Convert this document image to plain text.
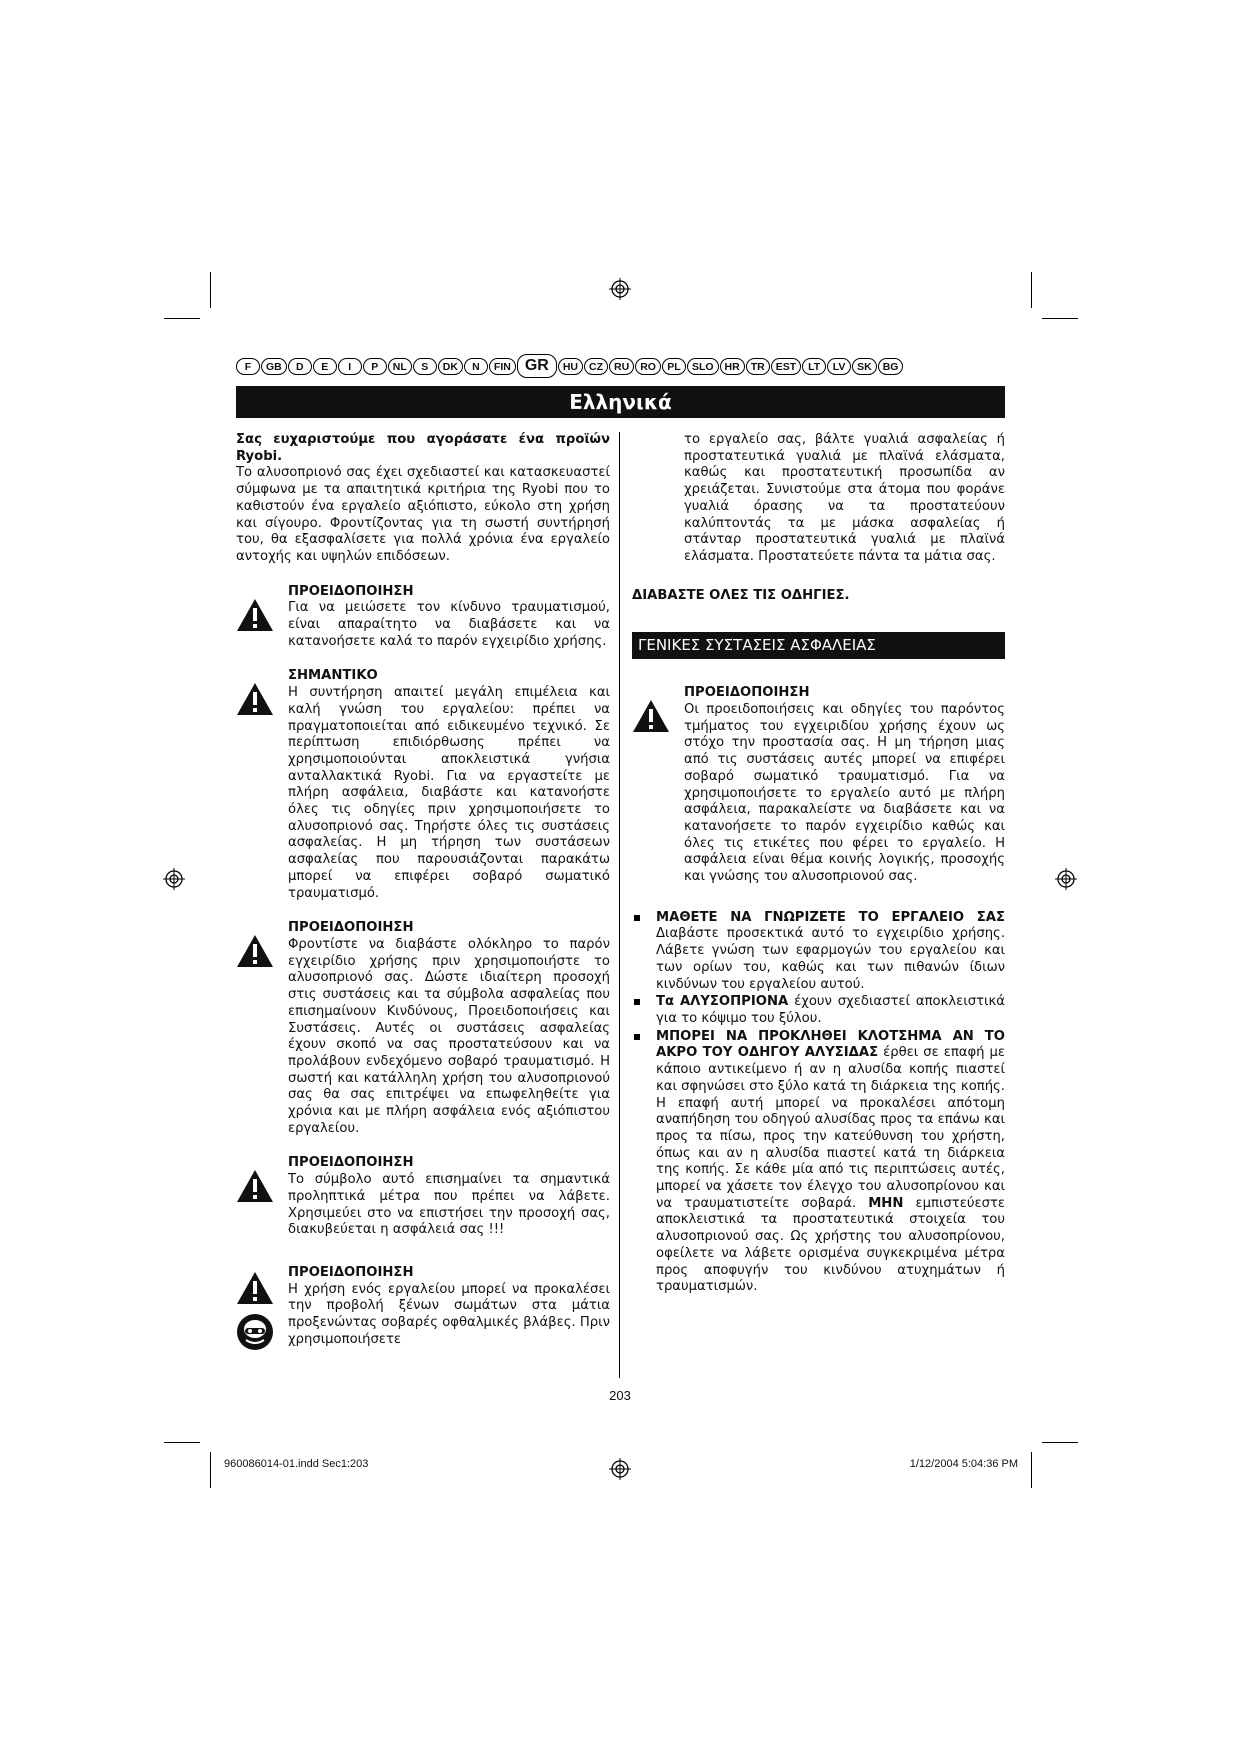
F	GB	D	E	I	P	NL	S	DK	N	FIN GR	HU	CZ	RU	RO	PL	SLO	HR	TR	EST	LT	LV	SK	BG
Ελληνικά

Σας ευχαριστούμε που αγοράσατε ένα προϊών Ryobi.

Το αλυσοπριονό σας έχει σχεδιαστεί και κατασκευαστεί σύμφωνα με τα απαιτητικά κριτήρια της Ryobi που το καθιστούν ένα εργαλείο αξιόπιστο, εύκολο στη χρήση και σίγουρο. Φροντίζοντας για τη σωστή συντήρησή του, θα εξασφαλίσετε για πολλά χρόνια ένα εργαλείο αντοχής και υψηλών επιδόσεων.

ΠΡΟΕΙΔΟΠΟΙΗΣΗ

Για να μειώσετε τον κίνδυνο τραυματισμού, είναι απαραίτητο να διαβάσετε και να κατανοήσετε καλά το παρόν εγχειρίδιο χρήσης.

ΣΗΜΑΝΤΙΚΟ

Η συντήρηση απαιτεί μεγάλη επιμέλεια και καλή γνώση του εργαλείου: πρέπει να πραγματοποιείται από ειδικευμένο τεχνικό. Σε περίπτωση επιδιόρθωσης πρέπει να χρησιμοποιούνται αποκλειστικά γνήσια ανταλλακτικά Ryobi. Για να εργαστείτε με πλήρη ασφάλεια, διαβάστε και κατανοήστε όλες τις οδηγίες πριν χρησιμοποιήσετε το αλυσοπριονό σας. Τηρήστε όλες τις συστάσεις ασφαλείας. Η μη τήρηση των συστάσεων ασφαλείας που παρουσιάζονται παρακάτω μπορεί να επιφέρει σοβαρό σωματικό τραυματισμό.

ΠΡΟΕΙΔΟΠΟΙΗΣΗ

Φροντίστε να διαβάστε ολόκληρο το παρόν εγχειρίδιο χρήσης πριν χρησιμοποιήστε το αλυσοπριονό σας. Δώστε ιδιαίτερη προσοχή στις συστάσεις και τα σύμβολα ασφαλείας που επισημαίνουν Κινδύνους, Προειδοποιήσεις και Συστάσεις. Αυτές οι συστάσεις ασφαλείας έχουν σκοπό να σας προστατεύσουν και να προλάβουν ενδεχόμενο σοβαρό τραυματισμό. Η σωστή και κατάλληλη χρήση του αλυσοπριονού σας θα σας επιτρέψει να επωφεληθείτε για χρόνια και με πλήρη ασφάλεια ενός αξιόπιστου εργαλείου.

ΠΡΟΕΙΔΟΠΟΙΗΣΗ

Το σύμβολο αυτό επισημαίνει τα σημαντικά προληπτικά μέτρα που πρέπει να λάβετε. Χρησιμεύει στο να επιστήσει την προσοχή σας, διακυβεύεται η ασφάλειά σας !!!

ΠΡΟΕΙΔΟΠΟΙΗΣΗ

Η χρήση ενός εργαλείου μπορεί να προκαλέσει την προβολή ξένων σωμάτων στα μάτια προξενώντας σοβαρές οφθαλμικές βλάβες. Πριν χρησιμοποιήσετε

το εργαλείο σας, βάλτε γυαλιά ασφαλείας ή προστατευτικά γυαλιά με πλαϊνά ελάσματα, καθώς και προστατευτική προσωπίδα αν χρειάζεται. Συνιστούμε στα άτομα που φοράνε γυαλιά όρασης να τα προστατεύουν καλύπτοντάς τα με μάσκα ασφαλείας ή στάνταρ προστατευτικά γυαλιά με πλαϊνά ελάσματα. Προστατεύετε πάντα τα μάτια σας.

ΔΙΑΒΑΣΤΕ ΟΛΕΣ ΤΙΣ ΟΔΗΓΙΕΣ.

ΓΕΝΙΚΕΣ ΣΥΣΤΑΣΕΙΣ ΑΣΦΑΛΕΙΑΣ
ΠΡΟΕΙΔΟΠΟΙΗΣΗ

Οι προειδοποιήσεις και οδηγίες του παρόντος τμήματος του εγχειριδίου χρήσης έχουν ως στόχο την προστασία σας. Η μη τήρηση μιας από τις συστάσεις αυτές μπορεί να επιφέρει σοβαρό σωματικό τραυματισμό. Για να χρησιμοποιήσετε το εργαλείο αυτό με πλήρη ασφάλεια, παρακαλείστε να διαβάσετε και να κατανοήσετε το παρόν εγχειρίδιο καθώς και όλες τις ετικέτες που φέρει το εργαλείο. Η ασφάλεια είναι θέμα κοινής λογικής, προσοχής και γνώσης του αλυσοπριονού σας.

ΜΑΘΕΤΕ ΝΑ ΓΝΩΡΙΖΕΤΕ ΤΟ ΕΡΓΑΛΕΙΟ ΣΑΣ Διαβάστε προσεκτικά αυτό το εγχειρίδιο χρήσης. Λάβετε γνώση των εφαρμογών του εργαλείου και των ορίων του, καθώς και των πιθανών ίδιων κινδύνων του εργαλείου αυτού.
Τα ΑΛΥΣΟΠΡΙΟΝΑ έχουν σχεδιαστεί αποκλειστικά για το κόψιμο του ξύλου.
ΜΠΟΡΕΙ ΝΑ ΠΡΟΚΛΗΘΕΙ ΚΛΟΤΣΗΜΑ ΑΝ ΤΟ ΑΚΡΟ ΤΟΥ ΟΔΗΓΟΥ ΑΛΥΣΙΔΑΣ έρθει σε επαφή με κάποιο αντικείμενο ή αν η αλυσίδα κοπής πιαστεί και σφηνώσει στο ξύλο κατά τη διάρκεια της κοπής. Η επαφή αυτή μπορεί να προκαλέσει απότομη αναπήδηση του οδηγού αλυσίδας προς τα επάνω και προς τα πίσω, προς την κατεύθυνση του χρήστη, όπως και αν η αλυσίδα πιαστεί κατά τη διάρκεια της κοπής. Σε κάθε μία από τις περιπτώσεις αυτές, μπορεί να χάσετε τον έλεγχο του αλυσοπρίονου και να τραυματιστείτε σοβαρά. ΜΗΝ εμπιστεύεστε αποκλειστικά τα προστατευτικά στοιχεία του αλυσοπριονού σας. Ως χρήστης του αλυσοπρίονου, οφείλετε να λάβετε ορισμένα συγκεκριμένα μέτρα προς αποφυγήν του κινδύνου ατυχημάτων ή τραυματισμών.
203
960086014-01.indd Sec1:203	1/12/2004 5:04:36 PM
